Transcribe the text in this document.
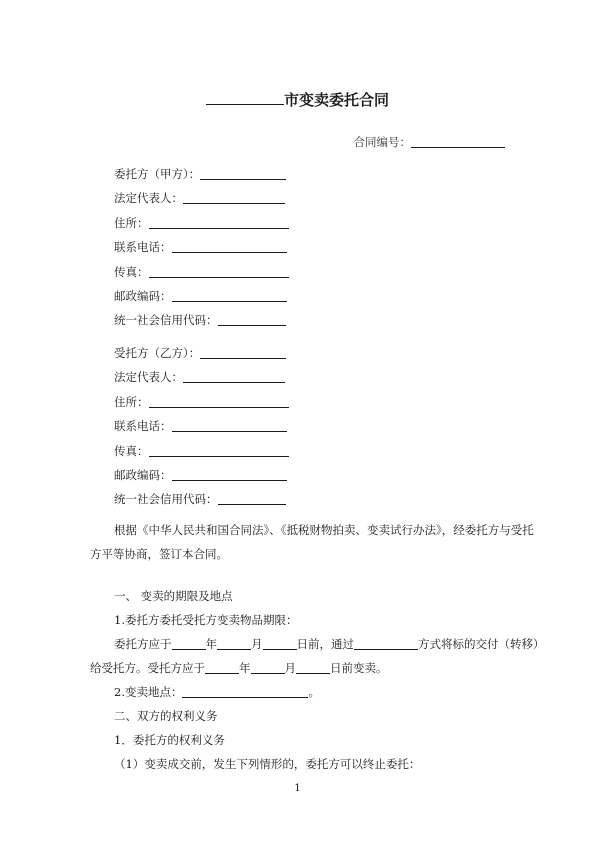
市变卖委托合同
合同编号：
委托方（甲方）：
法定代表人：
住所：
联系电话：
传真：
邮政编码：
统一社会信用代码：
受托方（乙方）：
法定代表人：
住所：
联系电话：
传真：
邮政编码：
统一社会信用代码：
根据《中华人民共和国合同法》、《抵税财物拍卖、变卖试行办法》，经委托方与受托
方平等协商，签订本合同。
一、 变卖的期限及地点
1.委托方委托受托方变卖物品期限：
委托方应于	年	月	日前，通过	方式将标的交付（转移）
给受托方。受托方应于	年	月	日前变卖。
2.变卖地点：	。
二、双方的权利义务
1．委托方的权利义务
（1）变卖成交前，发生下列情形的，委托方可以终止委托：
1
